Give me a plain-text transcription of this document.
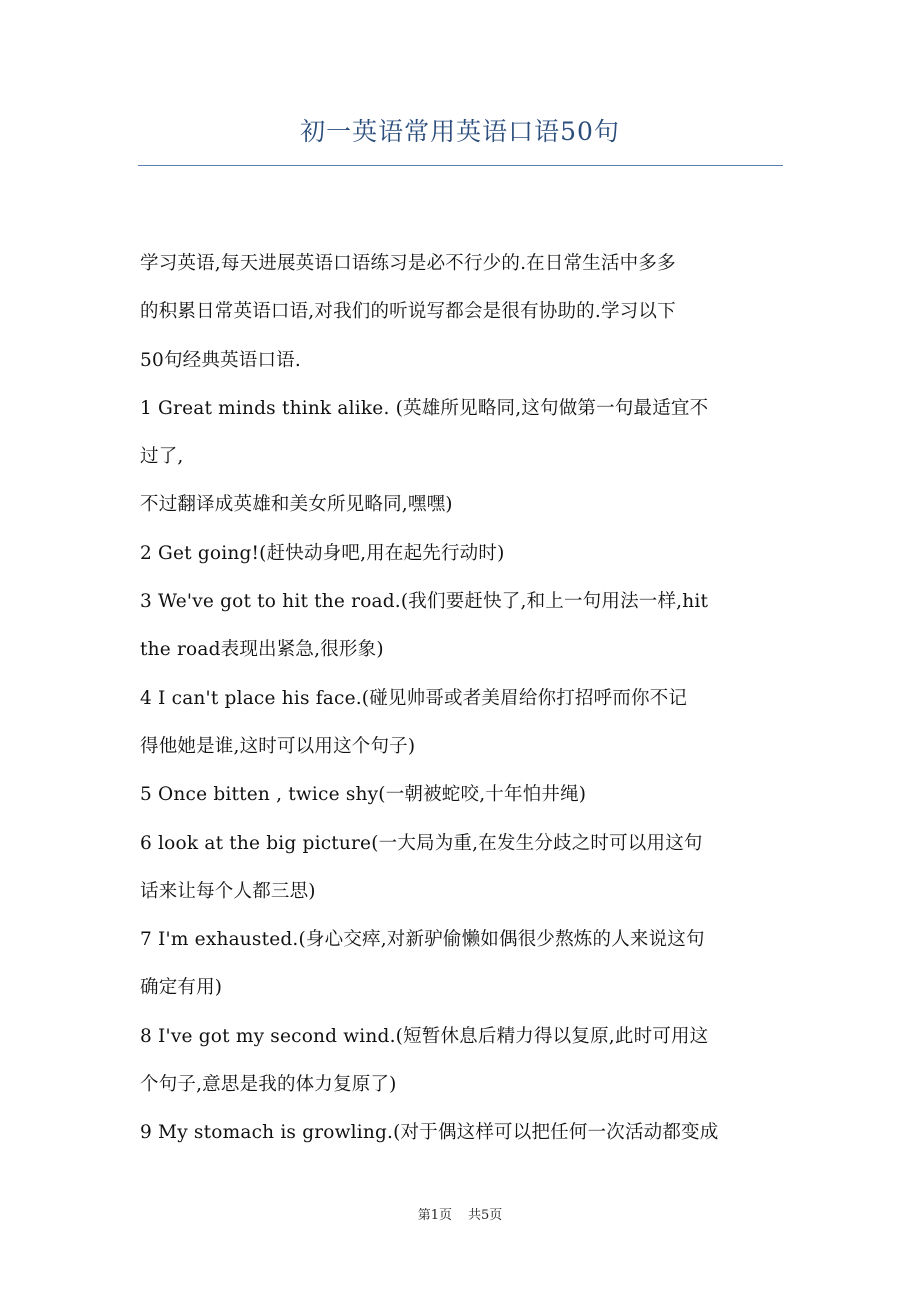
初一英语常用英语口语50句
学习英语,每天进展英语口语练习是必不行少的.在日常生活中多多
的积累日常英语口语,对我们的听说写都会是很有协助的.学习以下
50句经典英语口语.
1 Great minds think alike. (英雄所见略同,这句做第一句最适宜不
过了,
不过翻译成英雄和美女所见略同,嘿嘿)
2 Get going!(赶快动身吧,用在起先行动时)
3 We've got to hit the road.(我们要赶快了,和上一句用法一样,hit
the road表现出紧急,很形象)
4 I can't place his face.(碰见帅哥或者美眉给你打招呼而你不记
得他她是谁,这时可以用这个句子)
5 Once bitten , twice shy(一朝被蛇咬,十年怕井绳)
6 look at the big picture(一大局为重,在发生分歧之时可以用这句
话来让每个人都三思)
7 I'm exhausted.(身心交瘁,对新驴偷懒如偶很少熬炼的人来说这句
确定有用)
8 I've got my second wind.(短暂休息后精力得以复原,此时可用这
个句子,意思是我的体力复原了)
9 My stomach is growling.(对于偶这样可以把任何一次活动都变成
第1页 共5页
